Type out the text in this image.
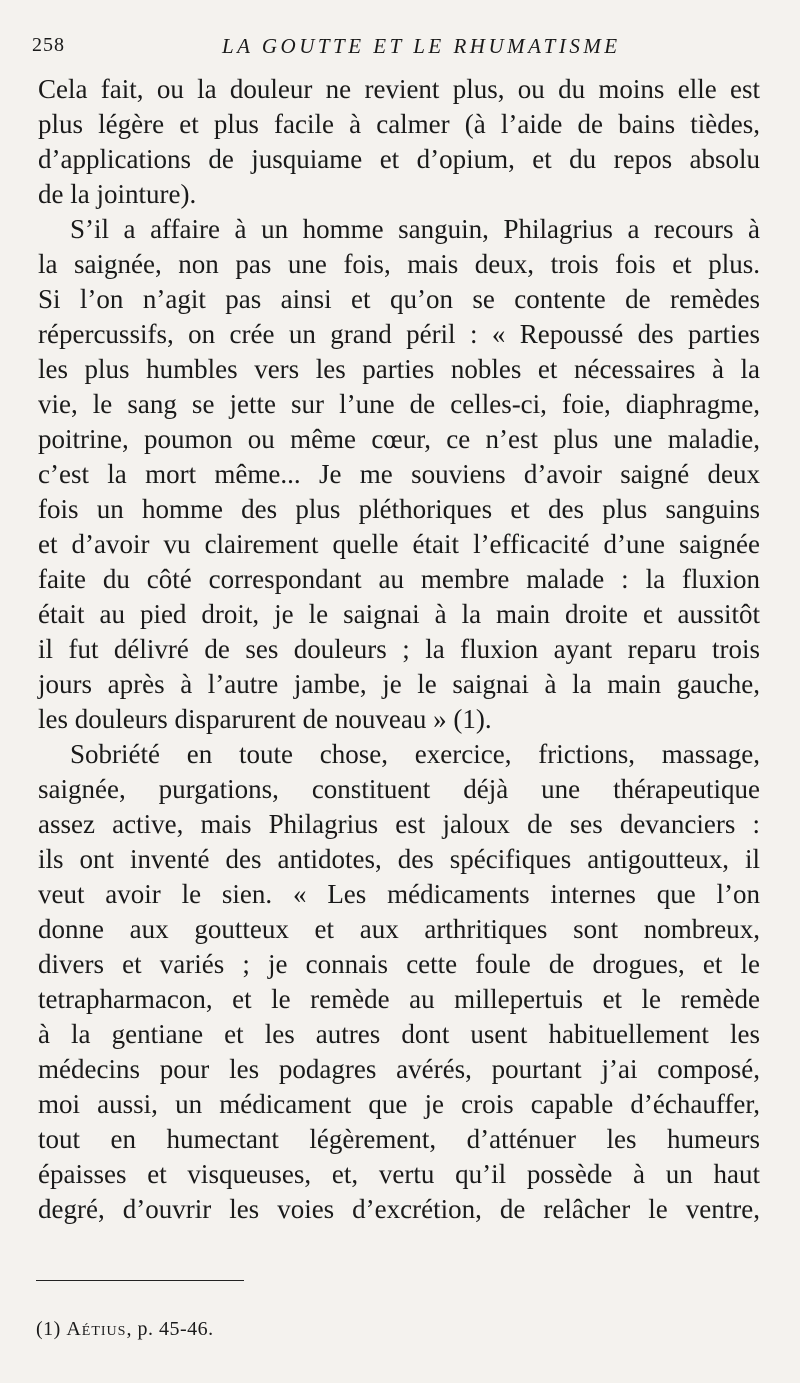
258	LA GOUTTE ET LE RHUMATISME
Cela fait, ou la douleur ne revient plus, ou du moins elle est
plus légère et plus facile à calmer (à l’aide de bains tièdes,
d’applications de jusquiame et d’opium, et du repos absolu
de la jointure).
S’il a affaire à un homme sanguin, Philagrius a recours à
la saignée, non pas une fois, mais deux, trois fois et plus.
Si l’on n’agit pas ainsi et qu’on se contente de remèdes
répercussifs, on crée un grand péril : « Repoussé des parties
les plus humbles vers les parties nobles et nécessaires à la
vie, le sang se jette sur l’une de celles-ci, foie, diaphragme,
poitrine, poumon ou même cœur, ce n’est plus une maladie,
c’est la mort même... Je me souviens d’avoir saigné deux
fois un homme des plus pléthoriques et des plus sanguins
et d’avoir vu clairement quelle était l’efficacité d’une saignée
faite du côté correspondant au membre malade : la fluxion
était au pied droit, je le saignai à la main droite et aussitôt
il fut délivré de ses douleurs ; la fluxion ayant reparu trois
jours après à l’autre jambe, je le saignai à la main gauche,
les douleurs disparurent de nouveau » (1).
Sobriété en toute chose, exercice, frictions, massage,
saignée, purgations, constituent déjà une thérapeutique
assez active, mais Philagrius est jaloux de ses devanciers :
ils ont inventé des antidotes, des spécifiques antigoutteux, il
veut avoir le sien. « Les médicaments internes que l’on
donne aux goutteux et aux arthritiques sont nombreux,
divers et variés ; je connais cette foule de drogues, et le
tetrapharmacon, et le remède au millepertuis et le remède
à la gentiane et les autres dont usent habituellement les
médecins pour les podagres avérés, pourtant j’ai composé,
moi aussi, un médicament que je crois capable d’échauffer,
tout en humectant légèrement, d’atténuer les humeurs
épaisses et visqueuses, et, vertu qu’il possède à un haut
degré, d’ouvrir les voies d’excrétion, de relâcher le ventre,
(1) Aétius, p. 45-46.
